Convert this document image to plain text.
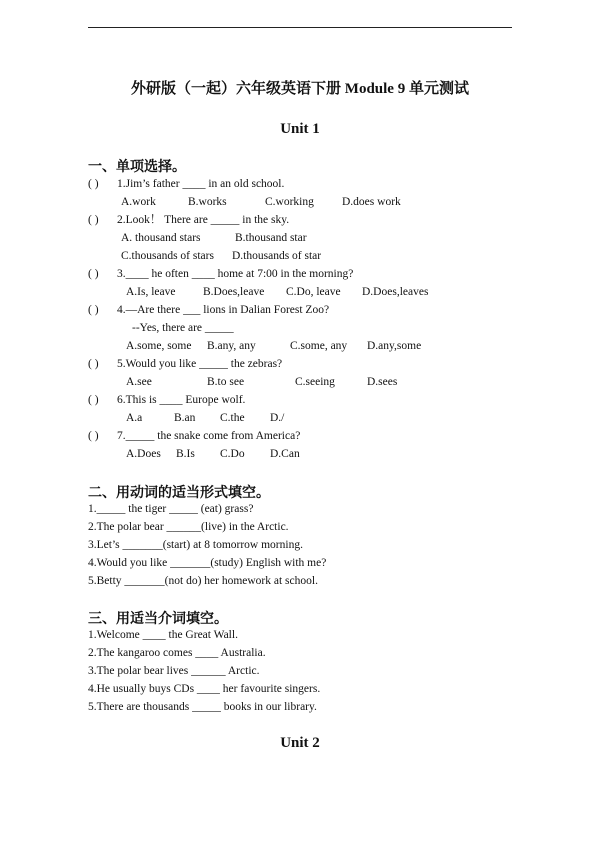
外研版（一起）六年级英语下册 Module 9 单元测试
Unit 1
一、单项选择。
( ) 1.Jim’s father ____ in an old school.
A.work	B.works	C.working D.does work
( ) 2.Look！ There are _____ in the sky.
A. thousand stars	B.thousand star
C.thousands of stars D.thousands of star
( ) 3.____ he often ____ home at 7:00 in the morning?
A.Is, leave B.Does,leave C.Do, leave D.Does,leaves
( ) 4.—Are there ___ lions in Dalian Forest Zoo?
--Yes, there are _____
A.some, some B.any, any	C.some, any D.any,some
( ) 5.Would you like _____ the zebras?
A.see	B.to see	C.seeing	D.sees
( ) 6.This is ____ Europe wolf.
A.a	B.an C.the D./
( ) 7._____ the snake come from America?
A.Does B.Is C.Do D.Can
二、用动词的适当形式填空。
1._____ the tiger _____ (eat) grass?
2.The polar bear ______(live) in the Arctic.
3.Let’s _______(start) at 8 tomorrow morning.
4.Would you like _______(study) English with me?
5.Betty _______(not do) her homework at school.
三、用适当介词填空。
1.Welcome ____ the Great Wall.
2.The kangaroo comes ____ Australia.
3.The polar bear lives ______ Arctic.
4.He usually buys CDs ____ her favourite singers.
5.There are thousands _____ books in our library.
Unit 2
